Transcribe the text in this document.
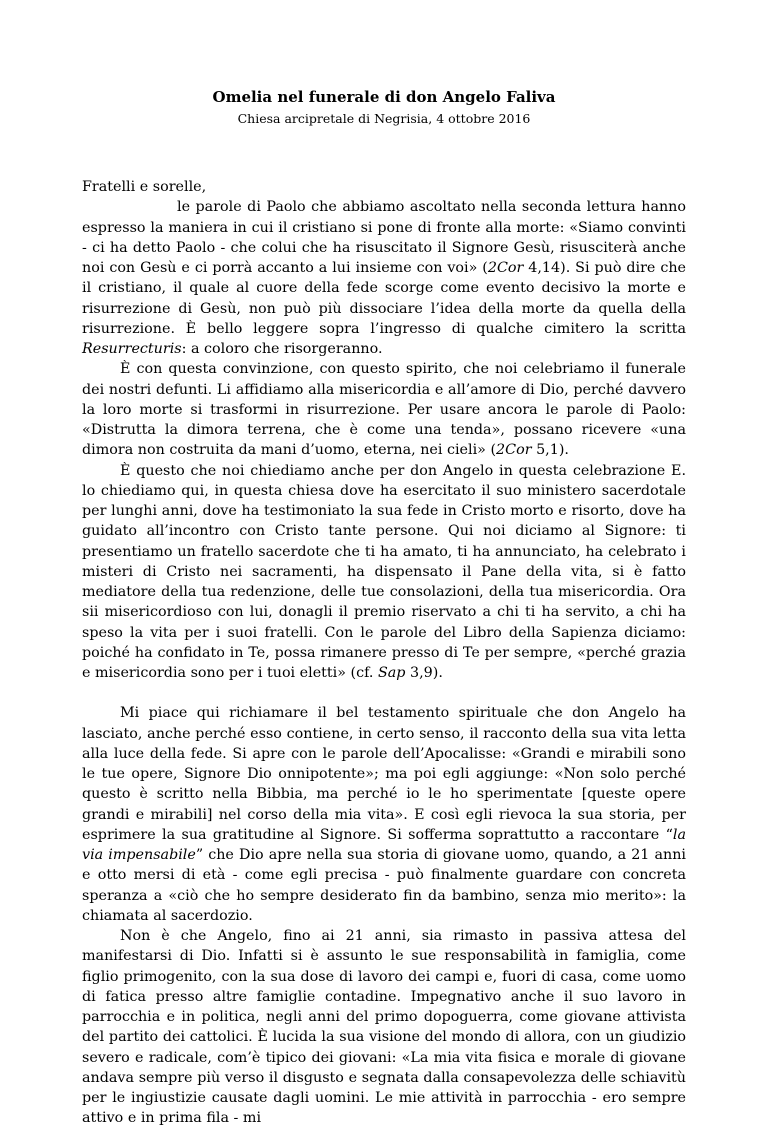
Omelia nel funerale di don Angelo Faliva
Chiesa arcipretale di Negrisia, 4 ottobre 2016

Fratelli e sorelle,

le parole di Paolo che abbiamo ascoltato nella seconda lettura hanno espresso la maniera in cui il cristiano si pone di fronte alla morte: «Siamo convinti - ci ha detto Paolo - che colui che ha risuscitato il Signore Gesù, risusciterà anche noi con Gesù e ci porrà accanto a lui insieme con voi» (2Cor 4,14). Si può dire che il cristiano, il quale al cuore della fede scorge come evento decisivo la morte e risurrezione di Gesù, non può più dissociare l’idea della morte da quella della risurrezione. È bello leggere sopra l’ingresso di qualche cimitero la scritta Resurrecturis: a coloro che risorgeranno.

È con questa convinzione, con questo spirito, che noi celebriamo il funerale dei nostri defunti. Li affidiamo alla misericordia e all’amore di Dio, perché davvero la loro morte si trasformi in risurrezione. Per usare ancora le parole di Paolo: «Distrutta la dimora terrena, che è come una tenda», possano ricevere «una dimora non costruita da mani d’uomo, eterna, nei cieli» (2Cor 5,1).

È questo che noi chiediamo anche per don Angelo in questa celebrazione E. lo chiediamo qui, in questa chiesa dove ha esercitato il suo ministero sacerdotale per lunghi anni, dove ha testimoniato la sua fede in Cristo morto e risorto, dove ha guidato all’incontro con Cristo tante persone. Qui noi diciamo al Signore: ti presentiamo un fratello sacerdote che ti ha amato, ti ha annunciato, ha celebrato i misteri di Cristo nei sacramenti, ha dispensato il Pane della vita, si è fatto mediatore della tua redenzione, delle tue consolazioni, della tua misericordia. Ora sii misericordioso con lui, donagli il premio riservato a chi ti ha servito, a chi ha speso la vita per i suoi fratelli. Con le parole del Libro della Sapienza diciamo: poiché ha confidato in Te, possa rimanere presso di Te per sempre, «perché grazia e misericordia sono per i tuoi eletti» (cf. Sap 3,9).

Mi piace qui richiamare il bel testamento spirituale che don Angelo ha lasciato, anche perché esso contiene, in certo senso, il racconto della sua vita letta alla luce della fede. Si apre con le parole dell’Apocalisse: «Grandi e mirabili sono le tue opere, Signore Dio onnipotente»; ma poi egli aggiunge: «Non solo perché questo è scritto nella Bibbia, ma perché io le ho sperimentate [queste opere grandi e mirabili] nel corso della mia vita». E così egli rievoca la sua storia, per esprimere la sua gratitudine al Signore. Si sofferma soprattutto a raccontare “la via impensabile” che Dio apre nella sua storia di giovane uomo, quando, a 21 anni e otto mersi di età - come egli precisa - può finalmente guardare con concreta speranza a «ciò che ho sempre desiderato fin da bambino, senza mio merito»: la chiamata al sacerdozio.

Non è che Angelo, fino ai 21 anni, sia rimasto in passiva attesa del manifestarsi di Dio. Infatti si è assunto le sue responsabilità in famiglia, come figlio primogenito, con la sua dose di lavoro dei campi e, fuori di casa, come uomo di fatica presso altre famiglie contadine. Impegnativo anche il suo lavoro in parrocchia e in politica, negli anni del primo dopoguerra, come giovane attivista del partito dei cattolici. È lucida la sua visione del mondo di allora, con un giudizio severo e radicale, com’è tipico dei giovani: «La mia vita fisica e morale di giovane andava sempre più verso il disgusto e segnata dalla consapevolezza delle schiavitù per le ingiustizie causate dagli uomini. Le mie attività in parrocchia - ero sempre attivo e in prima fila - mi
